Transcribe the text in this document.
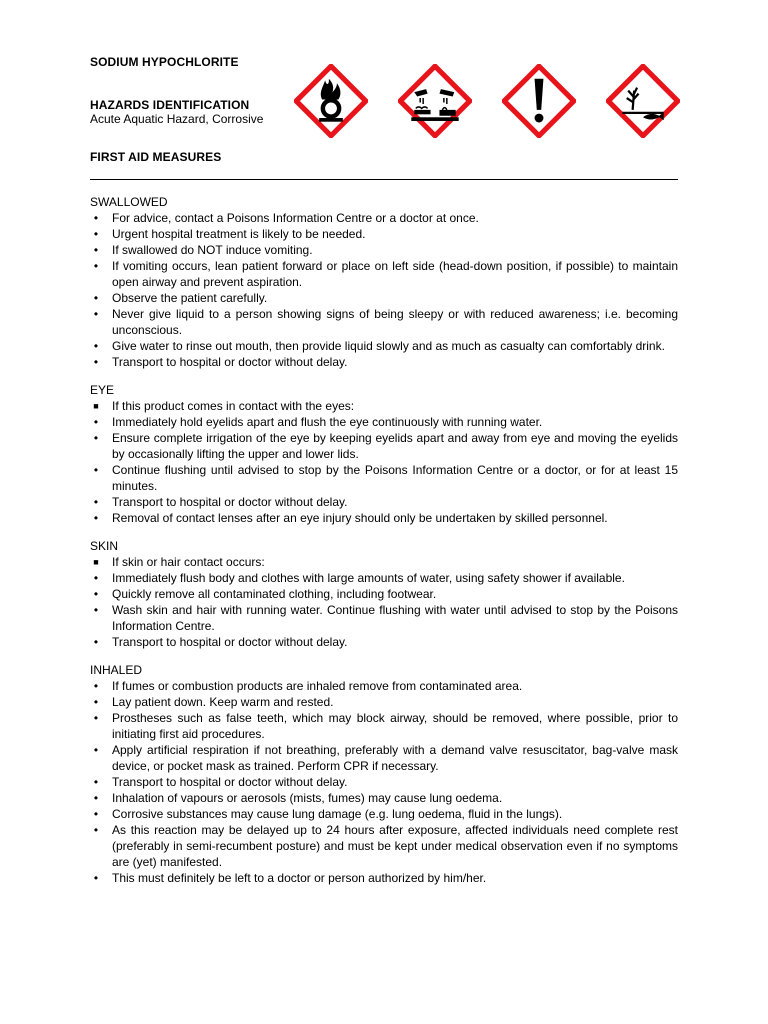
SODIUM HYPOCHLORITE
HAZARDS IDENTIFICATION
Acute Aquatic Hazard, Corrosive
FIRST AID MEASURES
SWALLOWED
•	For advice, contact a Poisons Information Centre or a doctor at once.
•	Urgent hospital treatment is likely to be needed.
•	If swallowed do NOT induce vomiting.
•	If vomiting occurs, lean patient forward or place on left side (head-down position, if possible) to maintain open airway and prevent aspiration.
•	Observe the patient carefully.
•	Never give liquid to a person showing signs of being sleepy or with reduced awareness; i.e. becoming unconscious.
•	Give water to rinse out mouth, then provide liquid slowly and as much as casualty can comfortably drink.
•	Transport to hospital or doctor without delay.
EYE
■ If this product comes in contact with the eyes:
•	Immediately hold eyelids apart and flush the eye continuously with running water.
•	Ensure complete irrigation of the eye by keeping eyelids apart and away from eye and moving the eyelids by occasionally lifting the upper and lower lids.
•	Continue flushing until advised to stop by the Poisons Information Centre or a doctor, or for at least 15 minutes.
•	Transport to hospital or doctor without delay.
•	Removal of contact lenses after an eye injury should only be undertaken by skilled personnel.
SKIN
■ If skin or hair contact occurs:
•	Immediately flush body and clothes with large amounts of water, using safety shower if available.
•	Quickly remove all contaminated clothing, including footwear.
•	Wash skin and hair with running water. Continue flushing with water until advised to stop by the Poisons Information Centre.
•	Transport to hospital or doctor without delay.
INHALED
•	If fumes or combustion products are inhaled remove from contaminated area.
•	Lay patient down. Keep warm and rested.
•	Prostheses such as false teeth, which may block airway, should be removed, where possible, prior to initiating first aid procedures.
•	Apply artificial respiration if not breathing, preferably with a demand valve resuscitator, bag-valve mask device, or pocket mask as trained. Perform CPR if necessary.
•	Transport to hospital or doctor without delay.
•	Inhalation of vapours or aerosols (mists, fumes) may cause lung oedema.
•	Corrosive substances may cause lung damage (e.g. lung oedema, fluid in the lungs).
•	As this reaction may be delayed up to 24 hours after exposure, affected individuals need complete rest (preferably in semi-recumbent posture) and must be kept under medical observation even if no symptoms are (yet) manifested.
•	This must definitely be left to a doctor or person authorized by him/her.
